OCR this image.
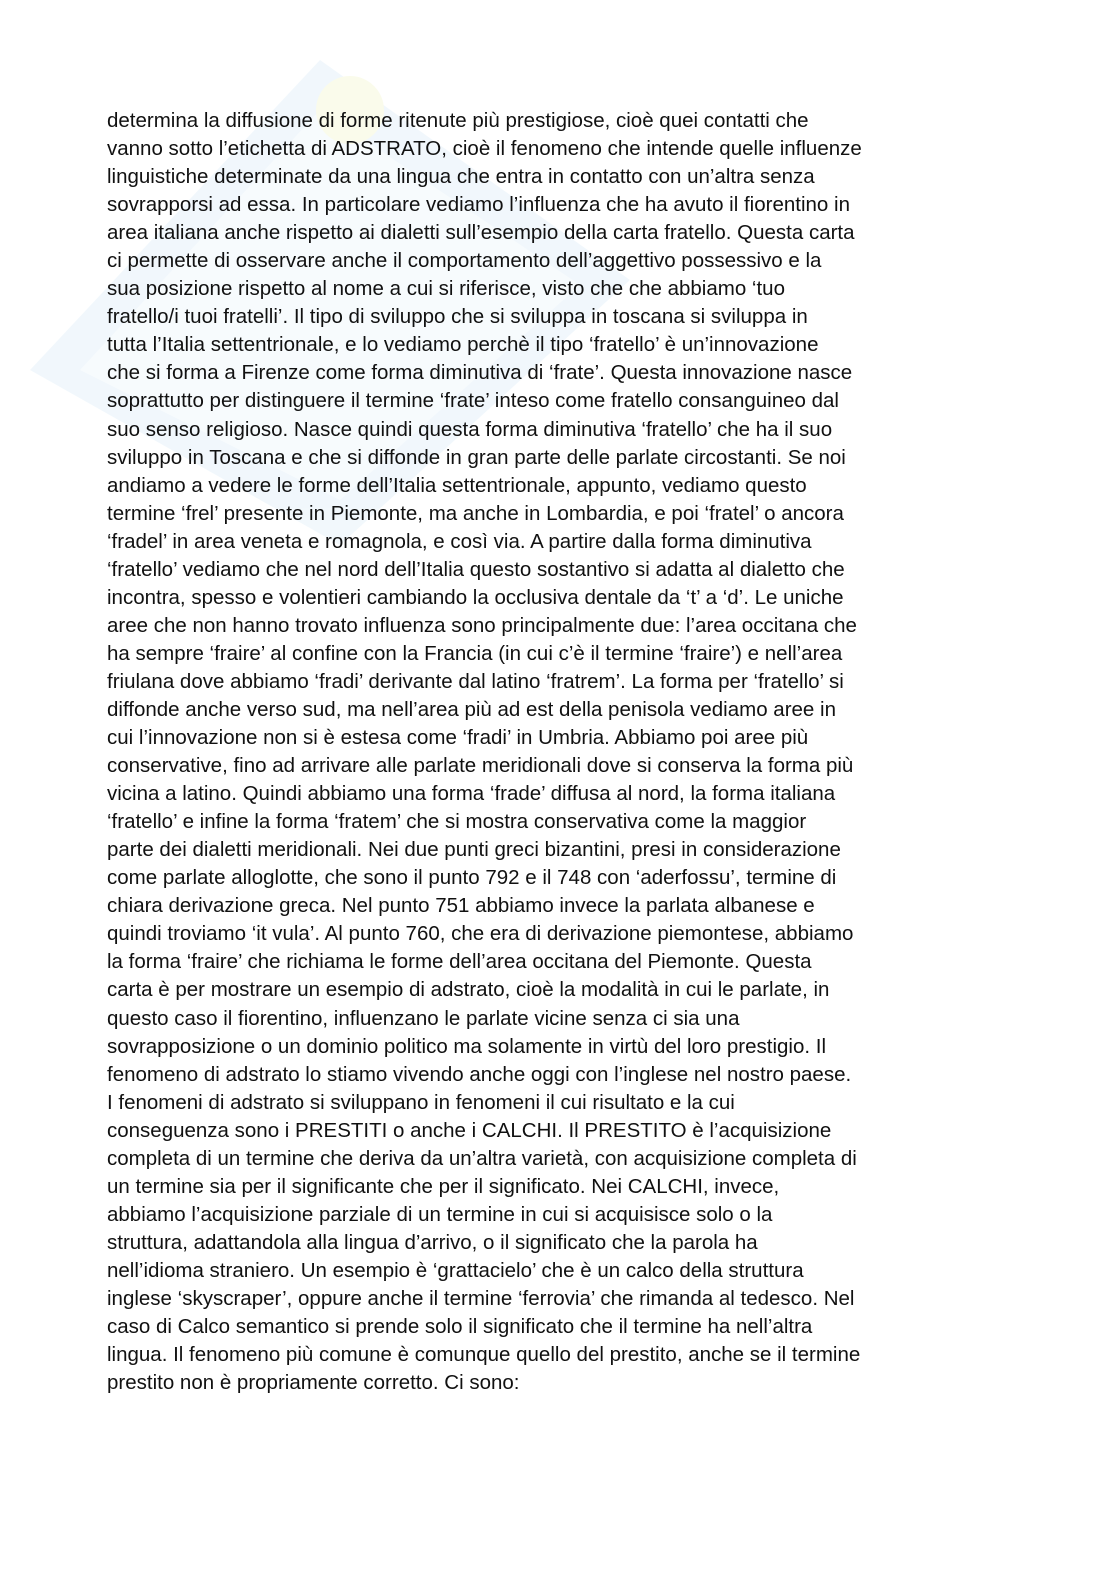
determina la diffusione di forme ritenute più prestigiose, cioè quei contatti che
vanno sotto l’etichetta di ADSTRATO, cioè il fenomeno che intende quelle influenze
linguistiche determinate da una lingua che entra in contatto con un’altra senza
sovrapporsi ad essa. In particolare vediamo l’influenza che ha avuto il fiorentino in
area italiana anche rispetto ai dialetti sull’esempio della carta fratello. Questa carta
ci permette di osservare anche il comportamento dell’aggettivo possessivo e la
sua posizione rispetto al nome a cui si riferisce, visto che che abbiamo ‘tuo
fratello/i tuoi fratelli’. Il tipo di sviluppo che si sviluppa in toscana si sviluppa in
tutta l’Italia settentrionale, e lo vediamo perchè il tipo ‘fratello’ è un’innovazione
che si forma a Firenze come forma diminutiva di ‘frate’. Questa innovazione nasce
soprattutto per distinguere il termine ‘frate’ inteso come fratello consanguineo dal
suo senso religioso. Nasce quindi questa forma diminutiva ‘fratello’ che ha il suo
sviluppo in Toscana e che si diffonde in gran parte delle parlate circostanti. Se noi
andiamo a vedere le forme dell’Italia settentrionale, appunto, vediamo questo
termine ‘frel’ presente in Piemonte, ma anche in Lombardia, e poi ‘fratel’ o ancora
‘fradel’ in area veneta e romagnola, e così via. A partire dalla forma diminutiva
‘fratello’ vediamo che nel nord dell’Italia questo sostantivo si adatta al dialetto che
incontra, spesso e volentieri cambiando la occlusiva dentale da ‘t’ a ‘d’. Le uniche
aree che non hanno trovato influenza sono principalmente due: l’area occitana che
ha sempre ‘fraire’ al confine con la Francia (in cui c’è il termine ‘fraire’) e nell’area
friulana dove abbiamo ‘fradi’ derivante dal latino ‘fratrem’. La forma per ‘fratello’ si
diffonde anche verso sud, ma nell’area più ad est della penisola vediamo aree in
cui l’innovazione non si è estesa come ‘fradi’ in Umbria. Abbiamo poi aree più
conservative, fino ad arrivare alle parlate meridionali dove si conserva la forma più
vicina a latino. Quindi abbiamo una forma ‘frade’ diffusa al nord, la forma italiana
‘fratello’ e infine la forma ‘fratem’ che si mostra conservativa come la maggior
parte dei dialetti meridionali. Nei due punti greci bizantini, presi in considerazione
come parlate alloglotte, che sono il punto 792 e il 748 con ‘aderfossu’, termine di
chiara derivazione greca. Nel punto 751 abbiamo invece la parlata albanese e
quindi troviamo ‘it vula’. Al punto 760, che era di derivazione piemontese, abbiamo
la forma ‘fraire’ che richiama le forme dell’area occitana del Piemonte. Questa
carta è per mostrare un esempio di adstrato, cioè la modalità in cui le parlate, in
questo caso il fiorentino, influenzano le parlate vicine senza ci sia una
sovrapposizione o un dominio politico ma solamente in virtù del loro prestigio. Il
fenomeno di adstrato lo stiamo vivendo anche oggi con l’inglese nel nostro paese.
I fenomeni di adstrato si sviluppano in fenomeni il cui risultato e la cui
conseguenza sono i PRESTITI o anche i CALCHI. Il PRESTITO è l’acquisizione
completa di un termine che deriva da un’altra varietà, con acquisizione completa di
un termine sia per il significante che per il significato. Nei CALCHI, invece,
abbiamo l’acquisizione parziale di un termine in cui si acquisisce solo o la
struttura, adattandola alla lingua d’arrivo, o il significato che la parola ha
nell’idioma straniero. Un esempio è ‘grattacielo’ che è un calco della struttura
inglese ‘skyscraper’, oppure anche il termine ‘ferrovia’ che rimanda al tedesco. Nel
caso di Calco semantico si prende solo il significato che il termine ha nell’altra
lingua. Il fenomeno più comune è comunque quello del prestito, anche se il termine
prestito non è propriamente corretto. Ci sono:
